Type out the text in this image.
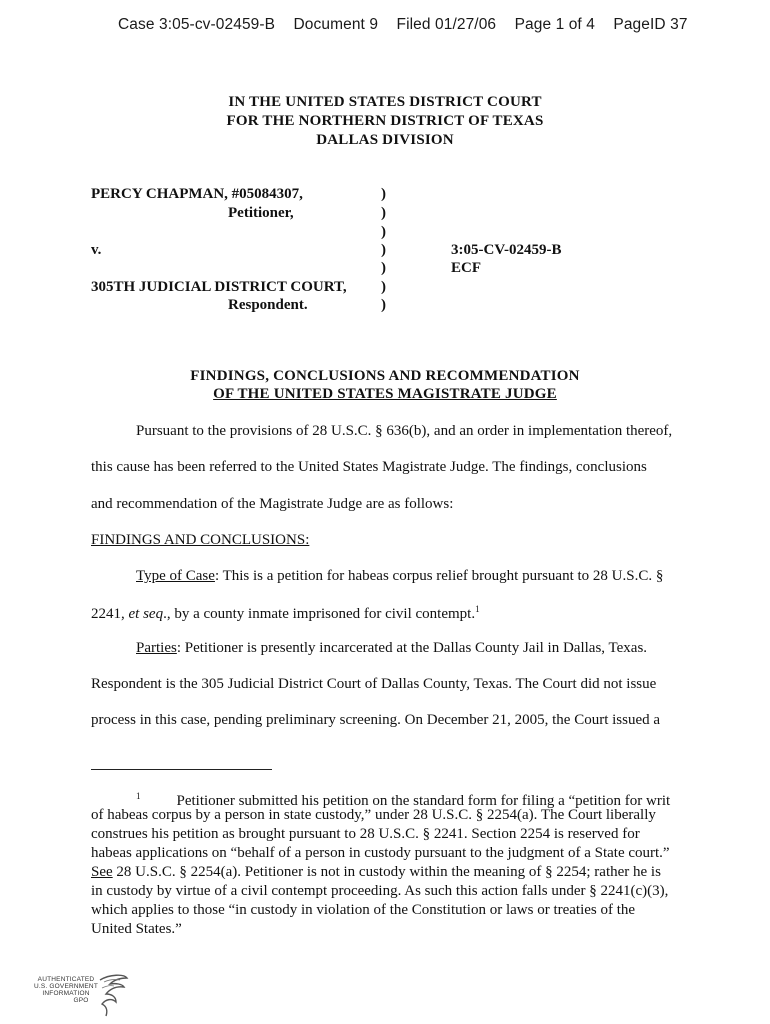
Case 3:05-cv-02459-B Document 9 Filed 01/27/06 Page 1 of 4 PageID 37
IN THE UNITED STATES DISTRICT COURT
FOR THE NORTHERN DISTRICT OF TEXAS
DALLAS DIVISION
PERCY CHAPMAN, #05084307,
Petitioner,
v.
305TH JUDICIAL DISTRICT COURT,
Respondent.
)
)
)
)
)
)
)
3:05-CV-02459-B
ECF
FINDINGS, CONCLUSIONS AND RECOMMENDATION
OF THE UNITED STATES MAGISTRATE JUDGE
Pursuant to the provisions of 28 U.S.C. § 636(b), and an order in implementation thereof,
this cause has been referred to the United States Magistrate Judge. The findings, conclusions
and recommendation of the Magistrate Judge are as follows:
FINDINGS AND CONCLUSIONS:
Type of Case: This is a petition for habeas corpus relief brought pursuant to 28 U.S.C. §
2241, et seq., by a county inmate imprisoned for civil contempt.$^1$
Parties: Petitioner is presently incarcerated at the Dallas County Jail in Dallas, Texas.
Respondent is the 305 Judicial District Court of Dallas County, Texas. The Court did not issue
process in this case, pending preliminary screening. On December 21, 2005, the Court issued a
$^1$ Petitioner submitted his petition on the standard form for filing a “petition for writ
of habeas corpus by a person in state custody,” under 28 U.S.C. § 2254(a). The Court liberally
construes his petition as brought pursuant to 28 U.S.C. § 2241. Section 2254 is reserved for
habeas applications on “behalf of a person in custody pursuant to the judgment of a State court.”
See 28 U.S.C. § 2254(a). Petitioner is not in custody within the meaning of § 2254; rather he is
in custody by virtue of a civil contempt proceeding. As such this action falls under § 2241(c)(3),
which applies to those “in custody in violation of the Constitution or laws or treaties of the
United States.”
AUTHENTICATED
U.S. GOVERNMENT
INFORMATION
GPO
